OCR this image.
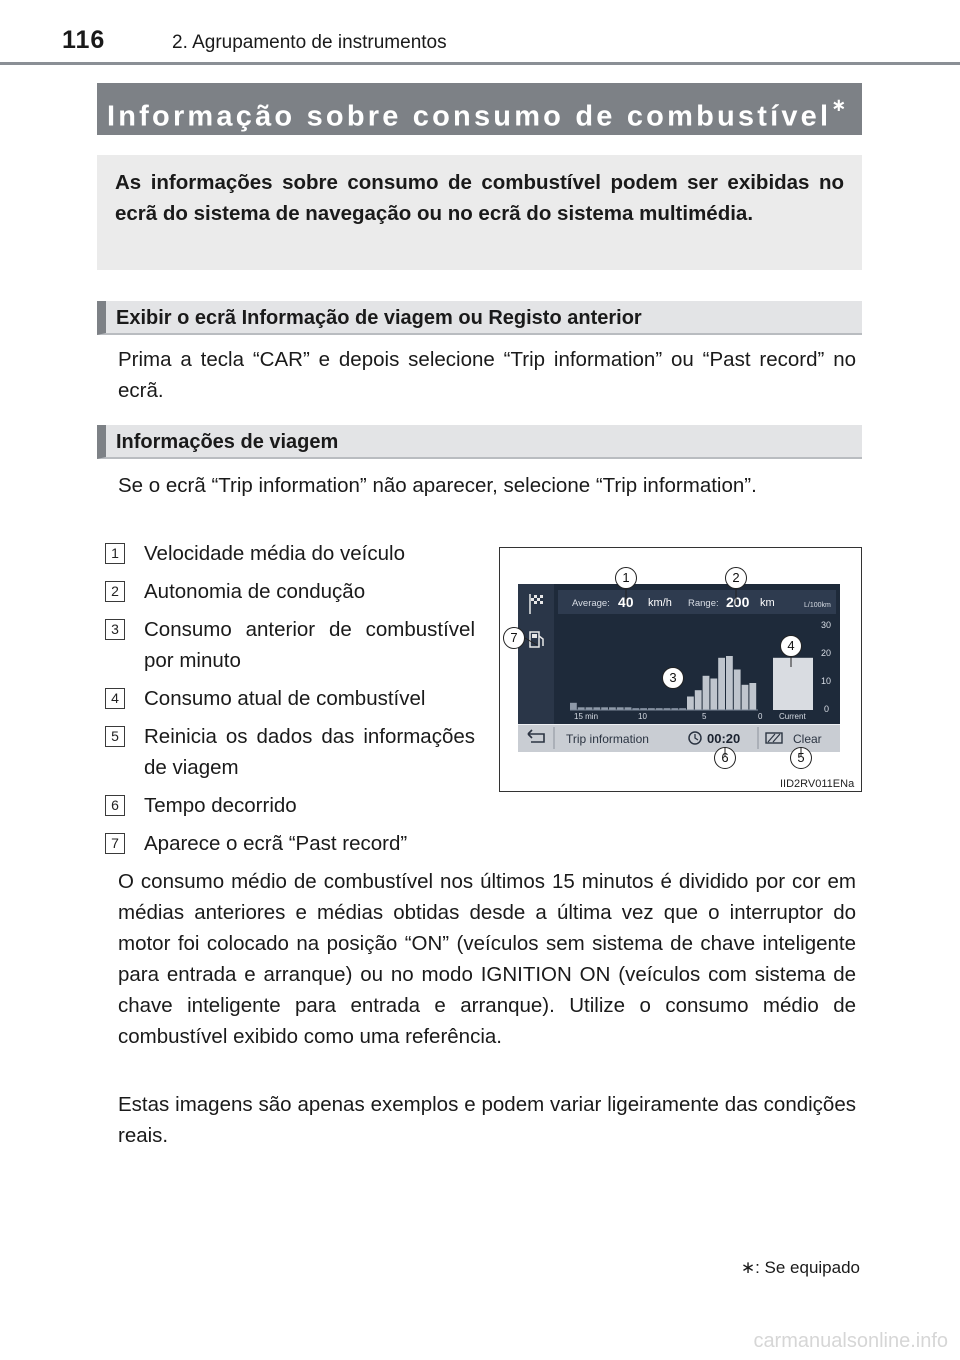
116	2. Agrupamento de instrumentos
Informação sobre consumo de combustível∗
As informações sobre consumo de combustível podem ser exibidas no ecrã do sistema de navegação ou no ecrã do sistema multimédia.
Exibir o ecrã Informação de viagem ou Registo anterior
Prima a tecla “CAR” e depois selecione “Trip information” ou “Past record” no ecrã.
Informações de viagem
Se o ecrã “Trip information” não aparecer, selecione “Trip information”.
1 Velocidade média do veículo
2 Autonomia de condução
3 Consumo anterior de combustível por minuto
4 Consumo atual de combustível
5 Reinicia os dados das informações de viagem
6 Tempo decorrido
7 Aparece o ecrã “Past record”
Average: 40 km/h Range: 200 km	L/100km
30
20
10
0
15 min	10	5	0 Current
Trip information	00:20	Clear
1	2
3
4
5
6
7
IID2RV011ENa
O consumo médio de combustível nos últimos 15 minutos é dividido por cor em médias anteriores e médias obtidas desde a última vez que o interruptor do motor foi colocado na posição “ON” (veículos sem sistema de chave inteligente para entrada e arranque) ou no modo IGNITION ON (veículos com sistema de chave inteligente para entrada e arranque). Utilize o consumo médio de combustível exibido como uma referência.
Estas imagens são apenas exemplos e podem variar ligeiramente das condições reais.
∗: Se equipado
carmanualsonline.info
